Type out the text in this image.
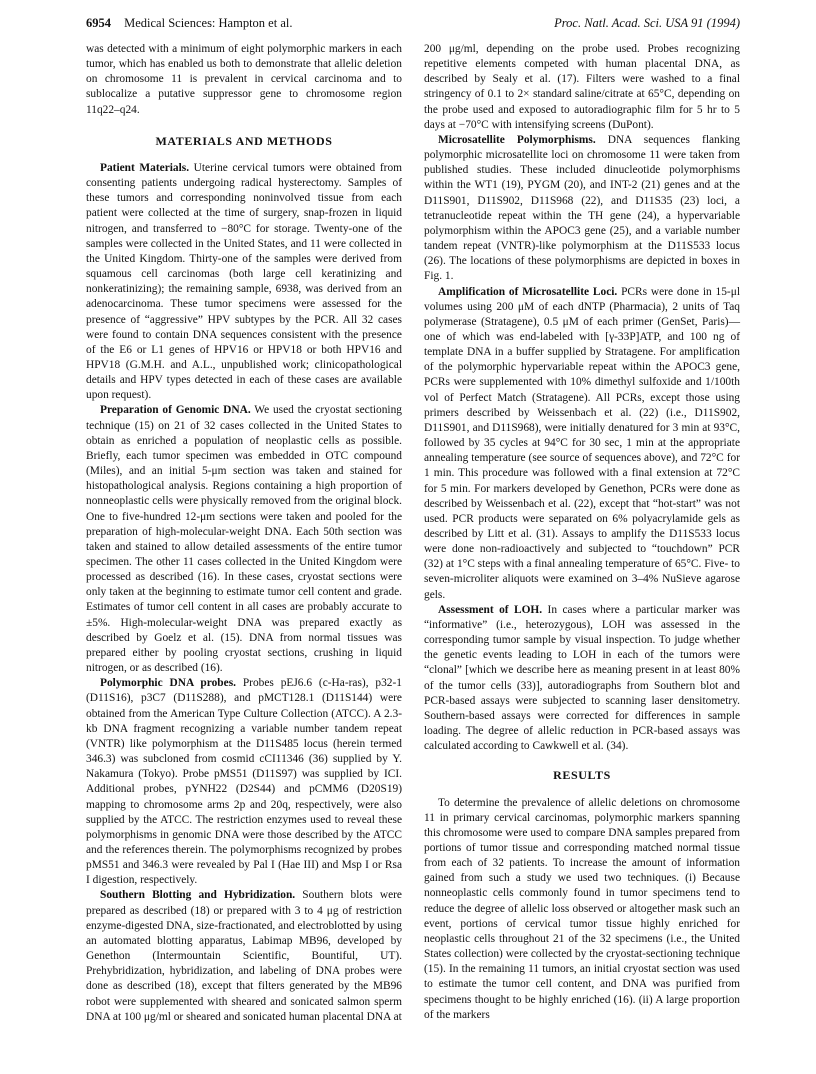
6954 Medical Sciences: Hampton et al.	Proc. Natl. Acad. Sci. USA 91 (1994)

was detected with a minimum of eight polymorphic markers in each tumor, which has enabled us both to demonstrate that allelic deletion on chromosome 11 is prevalent in cervical carcinoma and to sublocalize a putative suppressor gene to chromosome region 11q22–q24.

MATERIALS AND METHODS

Patient Materials. Uterine cervical tumors were obtained from consenting patients undergoing radical hysterectomy. Samples of these tumors and corresponding noninvolved tissue from each patient were collected at the time of surgery, snap-frozen in liquid nitrogen, and transferred to −80°C for storage. Twenty-one of the samples were collected in the United States, and 11 were collected in the United Kingdom. Thirty-one of the samples were derived from squamous cell carcinomas (both large cell keratinizing and nonkeratinizing); the remaining sample, 6938, was derived from an adenocarcinoma. These tumor specimens were assessed for the presence of “aggressive” HPV subtypes by the PCR. All 32 cases were found to contain DNA sequences consistent with the presence of the E6 or L1 genes of HPV16 or HPV18 or both HPV16 and HPV18 (G.M.H. and A.L., unpublished work; clinicopathological details and HPV types detected in each of these cases are available upon request).

Preparation of Genomic DNA. We used the cryostat sectioning technique (15) on 21 of 32 cases collected in the United States to obtain as enriched a population of neoplastic cells as possible. Briefly, each tumor specimen was embedded in OTC compound (Miles), and an initial 5-μm section was taken and stained for histopathological analysis. Regions containing a high proportion of nonneoplastic cells were physically removed from the original block. One to five-hundred 12-μm sections were taken and pooled for the preparation of high-molecular-weight DNA. Each 50th section was taken and stained to allow detailed assessments of the entire tumor specimen. The other 11 cases collected in the United Kingdom were processed as described (16). In these cases, cryostat sections were only taken at the beginning to estimate tumor cell content and grade. Estimates of tumor cell content in all cases are probably accurate to ±5%. High-molecular-weight DNA was prepared exactly as described by Goelz et al. (15). DNA from normal tissues was prepared either by pooling cryostat sections, crushing in liquid nitrogen, or as described (16).

Polymorphic DNA probes. Probes pEJ6.6 (c-Ha-ras), p32-1 (D11S16), p3C7 (D11S288), and pMCT128.1 (D11S144) were obtained from the American Type Culture Collection (ATCC). A 2.3-kb DNA fragment recognizing a variable number tandem repeat (VNTR) like polymorphism at the D11S485 locus (herein termed 346.3) was subcloned from cosmid cCI11346 (36) supplied by Y. Nakamura (Tokyo). Probe pMS51 (D11S97) was supplied by ICI. Additional probes, pYNH22 (D2S44) and pCMM6 (D20S19) mapping to chromosome arms 2p and 20q, respectively, were also supplied by the ATCC. The restriction enzymes used to reveal these polymorphisms in genomic DNA were those described by the ATCC and the references therein. The polymorphisms recognized by probes pMS51 and 346.3 were revealed by Pal I (Hae III) and Msp I or Rsa I digestion, respectively.

Southern Blotting and Hybridization. Southern blots were prepared as described (18) or prepared with 3 to 4 μg of restriction enzyme-digested DNA, size-fractionated, and electroblotted by using an automated blotting apparatus, Labimap MB96, developed by Genethon (Intermountain Scientific, Bountiful, UT). Prehybridization, hybridization, and labeling of DNA probes were done as described (18), except that filters generated by the MB96 robot were supplemented with sheared and sonicated salmon sperm DNA at 100 μg/ml or sheared and sonicated human placental DNA at

200 μg/ml, depending on the probe used. Probes recognizing repetitive elements competed with human placental DNA, as described by Sealy et al. (17). Filters were washed to a final stringency of 0.1 to 2× standard saline/citrate at 65°C, depending on the probe used and exposed to autoradiographic film for 5 hr to 5 days at −70°C with intensifying screens (DuPont).

Microsatellite Polymorphisms. DNA sequences flanking polymorphic microsatellite loci on chromosome 11 were taken from published studies. These included dinucleotide polymorphisms within the WT1 (19), PYGM (20), and INT-2 (21) genes and at the D11S901, D11S902, D11S968 (22), and D11S35 (23) loci, a tetranucleotide repeat within the TH gene (24), a hypervariable polymorphism within the APOC3 gene (25), and a variable number tandem repeat (VNTR)-like polymorphism at the D11S533 locus (26). The locations of these polymorphisms are depicted in boxes in Fig. 1.

Amplification of Microsatellite Loci. PCRs were done in 15-μl volumes using 200 μM of each dNTP (Pharmacia), 2 units of Taq polymerase (Stratagene), 0.5 μM of each primer (GenSet, Paris)—one of which was end-labeled with [γ-33P]ATP, and 100 ng of template DNA in a buffer supplied by Stratagene. For amplification of the polymorphic hypervariable repeat within the APOC3 gene, PCRs were supplemented with 10% dimethyl sulfoxide and 1/100th vol of Perfect Match (Stratagene). All PCRs, except those using primers described by Weissenbach et al. (22) (i.e., D11S902, D11S901, and D11S968), were initially denatured for 3 min at 93°C, followed by 35 cycles at 94°C for 30 sec, 1 min at the appropriate annealing temperature (see source of sequences above), and 72°C for 1 min. This procedure was followed with a final extension at 72°C for 5 min. For markers developed by Genethon, PCRs were done as described by Weissenbach et al. (22), except that “hot-start” was not used. PCR products were separated on 6% polyacrylamide gels as described by Litt et al. (31). Assays to amplify the D11S533 locus were done non-radioactively and subjected to “touchdown” PCR (32) at 1°C steps with a final annealing temperature of 65°C. Five- to seven-microliter aliquots were examined on 3–4% NuSieve agarose gels.

Assessment of LOH. In cases where a particular marker was “informative” (i.e., heterozygous), LOH was assessed in the corresponding tumor sample by visual inspection. To judge whether the genetic events leading to LOH in each of the tumors were “clonal” [which we describe here as meaning present in at least 80% of the tumor cells (33)], autoradiographs from Southern blot and PCR-based assays were subjected to scanning laser densitometry. Southern-based assays were corrected for differences in sample loading. The degree of allelic reduction in PCR-based assays was calculated according to Cawkwell et al. (34).

RESULTS

To determine the prevalence of allelic deletions on chromosome 11 in primary cervical carcinomas, polymorphic markers spanning this chromosome were used to compare DNA samples prepared from portions of tumor tissue and corresponding matched normal tissue from each of 32 patients. To increase the amount of information gained from such a study we used two techniques. (i) Because nonneoplastic cells commonly found in tumor specimens tend to reduce the degree of allelic loss observed or altogether mask such an event, portions of cervical tumor tissue highly enriched for neoplastic cells throughout 21 of the 32 specimens (i.e., the United States collection) were collected by the cryostat-sectioning technique (15). In the remaining 11 tumors, an initial cryostat section was used to estimate the tumor cell content, and DNA was purified from specimens thought to be highly enriched (16). (ii) A large proportion of the markers
